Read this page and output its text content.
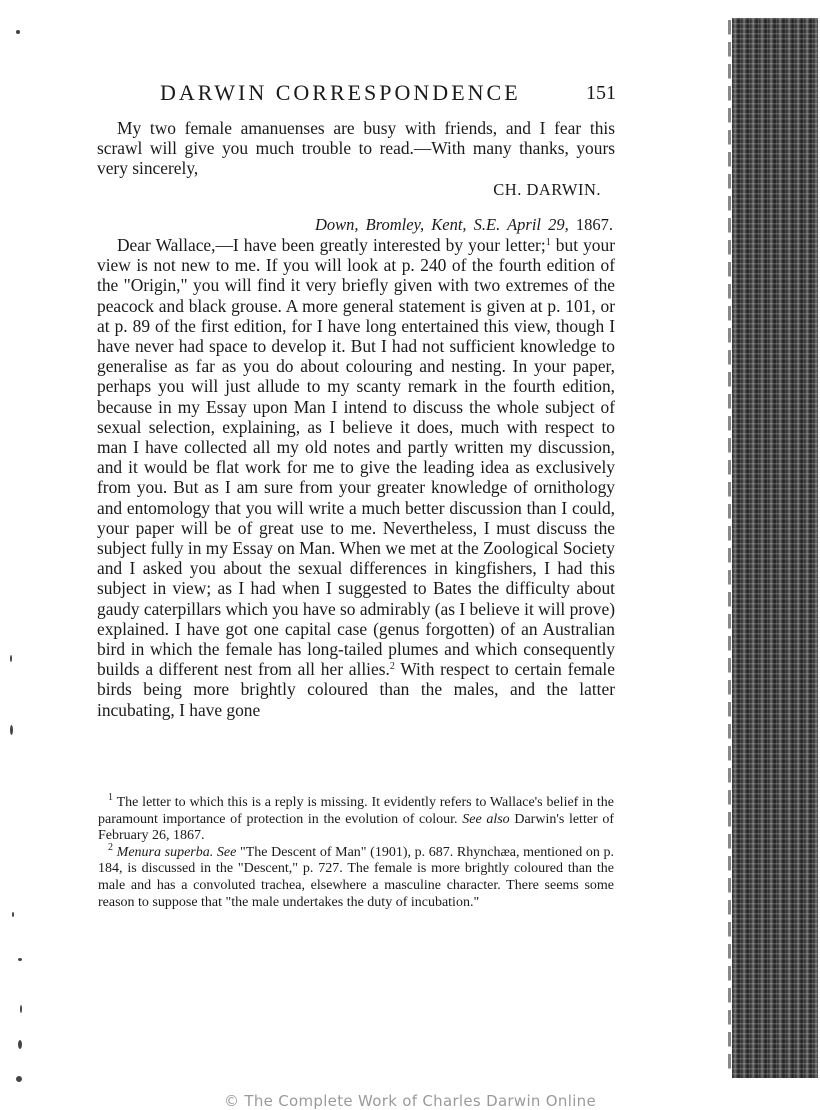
DARWIN CORRESPONDENCE	151

My two female amanuenses are busy with friends, and I fear this scrawl will give you much trouble to read.—With many thanks, yours very sincerely,

CH. DARWIN.

Down, Bromley, Kent, S.E. April 29, 1867.

Dear Wallace,—I have been greatly interested by your letter;$^1$ but your view is not new to me. If you will look at p. 240 of the fourth edition of the "Origin," you will find it very briefly given with two extremes of the peacock and black grouse. A more general statement is given at p. 101, or at p. 89 of the first edition, for I have long entertained this view, though I have never had space to develop it. But I had not sufficient knowledge to generalise as far as you do about colouring and nesting. In your paper, perhaps you will just allude to my scanty remark in the fourth edition, because in my Essay upon Man I intend to discuss the whole subject of sexual selection, explaining, as I believe it does, much with respect to man I have collected all my old notes and partly written my discussion, and it would be flat work for me to give the leading idea as exclusively from you. But as I am sure from your greater knowledge of ornithology and entomology that you will write a much better discussion than I could, your paper will be of great use to me. Nevertheless, I must discuss the subject fully in my Essay on Man. When we met at the Zoological Society and I asked you about the sexual differences in kingfishers, I had this subject in view; as I had when I suggested to Bates the difficulty about gaudy caterpillars which you have so admirably (as I believe it will prove) explained. I have got one capital case (genus forgotten) of an Australian bird in which the female has long-tailed plumes and which consequently builds a different nest from all her allies.$^2$ With respect to certain female birds being more brightly coloured than the males, and the latter incubating, I have gone

$^1$ The letter to which this is a reply is missing. It evidently refers to Wallace's belief in the paramount importance of protection in the evolution of colour. See also Darwin's letter of February 26, 1867.

$^2$ Menura superba. See "The Descent of Man" (1901), p. 687. Rhynchæa, mentioned on p. 184, is discussed in the "Descent," p. 727. The female is more brightly coloured than the male and has a convoluted trachea, elsewhere a masculine character. There seems some reason to suppose that "the male undertakes the duty of incubation."

© The Complete Work of Charles Darwin Online
